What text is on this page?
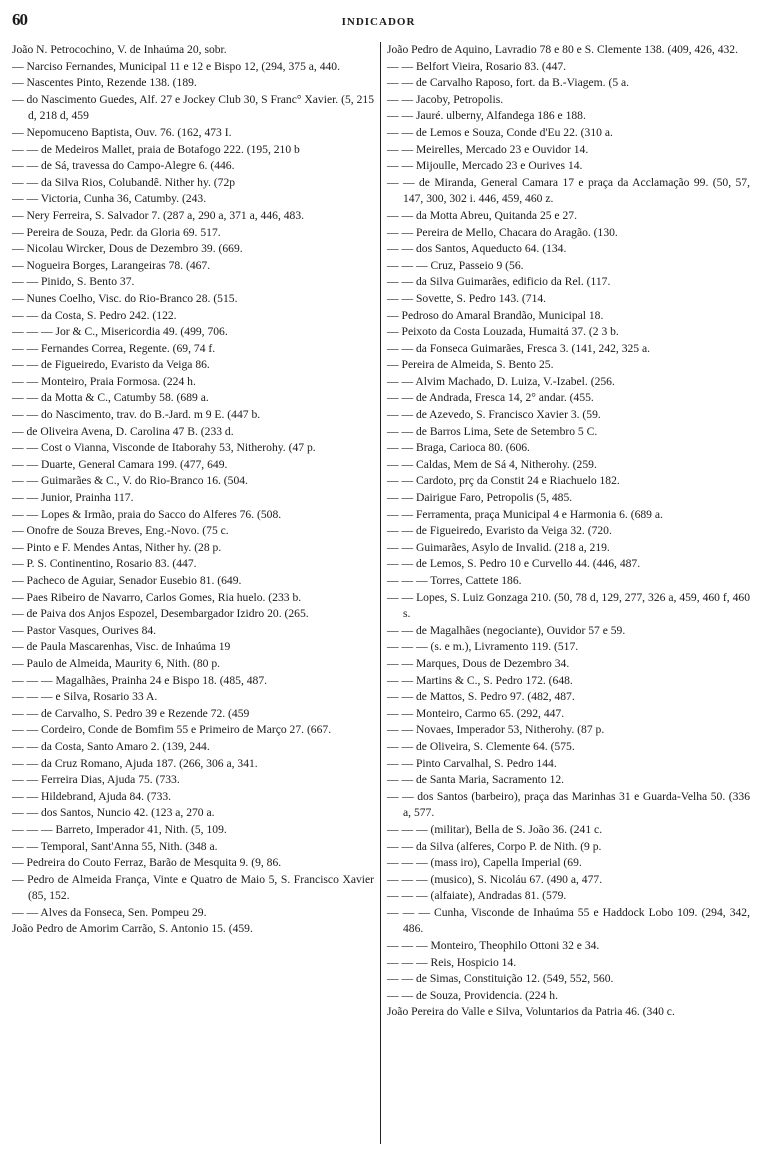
60	INDICADOR

João N. Petrocochino, V. de Inhaúma 20, sobr.

— Narciso Fernandes, Municipal 11 e 12 e Bispo 12, (294, 375 a, 440.

— Nascentes Pinto, Rezende 138. (189.

— do Nascimento Guedes, Alf. 27 e Jockey Club 30, S Franc° Xavier. (5, 215 d, 218 d, 459

— Nepomuceno Baptista, Ouv. 76. (162, 473 I.

— — de Medeiros Mallet, praia de Botafogo 222. (195, 210 b

— — de Sá, travessa do Campo-Alegre 6. (446.

— — da Silva Rios, Colubandê. Nither hy. (72p

— — Victoria, Cunha 36, Catumby. (243.

— Nery Ferreira, S. Salvador 7. (287 a, 290 a, 371 a, 446, 483.

— Pereira de Souza, Pedr. da Gloria 69. 517.

— Nicolau Wircker, Dous de Dezembro 39. (669.

— Nogueira Borges, Larangeiras 78. (467.

— — Pinido, S. Bento 37.

— Nunes Coelho, Visc. do Rio-Branco 28. (515.

— — da Costa, S. Pedro 242. (122.

— — — Jor & C., Misericordia 49. (499, 706.

— — Fernandes Correa, Regente. (69, 74 f.

— — de Figueiredo, Evaristo da Veiga 86.

— — Monteiro, Praia Formosa. (224 h.

— — da Motta & C., Catumby 58. (689 a.

— — do Nascimento, trav. do B.-Jard. m 9 E. (447 b.

— de Oliveira Avena, D. Carolina 47 B. (233 d.

— — Cost o Vianna, Visconde de Itaborahy 53, Nitherohy. (47 p.

— — Duarte, General Camara 199. (477, 649.

— — Guimarães & C., V. do Rio-Branco 16. (504.

— — Junior, Prainha 117.

— — Lopes & Irmão, praia do Sacco do Alferes 76. (508.

— Onofre de Souza Breves, Eng.-Novo. (75 c.

— Pinto e F. Mendes Antas, Nither hy. (28 p.

— P. S. Continentino, Rosario 83. (447.

— Pacheco de Aguiar, Senador Eusebio 81. (649.

— Paes Ribeiro de Navarro, Carlos Gomes, Ria huelo. (233 b.

— de Paiva dos Anjos Espozel, Desembargador Izidro 20. (265.

— Pastor Vasques, Ourives 84.

— de Paula Mascarenhas, Visc. de Inhaúma 19

— Paulo de Almeida, Maurity 6, Nith. (80 p.

— — — Magalhães, Prainha 24 e Bispo 18. (485, 487.

— — — e Silva, Rosario 33 A.

— — de Carvalho, S. Pedro 39 e Rezende 72. (459

— — Cordeiro, Conde de Bomfim 55 e Primeiro de Março 27. (667.

— — da Costa, Santo Amaro 2. (139, 244.

— — da Cruz Romano, Ajuda 187. (266, 306 a, 341.

— — Ferreira Dias, Ajuda 75. (733.

— — Hildebrand, Ajuda 84. (733.

— — dos Santos, Nuncio 42. (123 a, 270 a.

— — — Barreto, Imperador 41, Nith. (5, 109.

— — Temporal, Sant'Anna 55, Nith. (348 a.

— Pedreira do Couto Ferraz, Barão de Mesquita 9. (9, 86.

— Pedro de Almeida França, Vinte e Quatro de Maio 5, S. Francisco Xavier (85, 152.

— — Alves da Fonseca, Sen. Pompeu 29.

João Pedro de Amorim Carrão, S. Antonio 15. (459.

João Pedro de Aquino, Lavradio 78 e 80 e S. Clemente 138. (409, 426, 432.

— — Belfort Vieira, Rosario 83. (447.

— — de Carvalho Raposo, fort. da B.-Viagem. (5 a.

— — Jacoby, Petropolis.

— — Jauré. ulberny, Alfandega 186 e 188.

— — de Lemos e Souza, Conde d'Eu 22. (310 a.

— — Meirelles, Mercado 23 e Ouvidor 14.

— — Mijoulle, Mercado 23 e Ourives 14.

— — de Miranda, General Camara 17 e praça da Acclamação 99. (50, 57, 147, 300, 302 i. 446, 459, 460 z.

— — da Motta Abreu, Quitanda 25 e 27.

— — Pereira de Mello, Chacara do Aragão. (130.

— — dos Santos, Aqueducto 64. (134.

— — — Cruz, Passeio 9 (56.

— — da Silva Guimarães, edificio da Rel. (117.

— — Sovette, S. Pedro 143. (714.

— Pedroso do Amaral Brandão, Municipal 18.

— Peixoto da Costa Louzada, Humaitá 37. (2 3 b.

— — da Fonseca Guimarães, Fresca 3. (141, 242, 325 a.

— Pereira de Almeida, S. Bento 25.

— — Alvim Machado, D. Luiza, V.-Izabel. (256.

— — de Andrada, Fresca 14, 2° andar. (455.

— — de Azevedo, S. Francisco Xavier 3. (59.

— — de Barros Lima, Sete de Setembro 5 C.

— — Braga, Carioca 80. (606.

— — Caldas, Mem de Sá 4, Nitherohy. (259.

— — Cardoto, prç da Constit 24 e Riachuelo 182.

— — Dairigue Faro, Petropolis (5, 485.

— — Ferramenta, praça Municipal 4 e Harmonia 6. (689 a.

— — de Figueiredo, Evaristo da Veiga 32. (720.

— — Guimarães, Asylo de Invalid. (218 a, 219.

— — de Lemos, S. Pedro 10 e Curvello 44. (446, 487.

— — — Torres, Cattete 186.

— — Lopes, S. Luiz Gonzaga 210. (50, 78 d, 129, 277, 326 a, 459, 460 f, 460 s.

— — de Magalhães (negociante), Ouvidor 57 e 59.

— — — (s. e m.), Livramento 119. (517.

— — Marques, Dous de Dezembro 34.

— — Martins & C., S. Pedro 172. (648.

— — de Mattos, S. Pedro 97. (482, 487.

— — Monteiro, Carmo 65. (292, 447.

— — Novaes, Imperador 53, Nitherohy. (87 p.

— — de Oliveira, S. Clemente 64. (575.

— — Pinto Carvalhal, S. Pedro 144.

— — de Santa Maria, Sacramento 12.

— — dos Santos (barbeiro), praça das Marinhas 31 e Guarda-Velha 50. (336 a, 577.

— — — (militar), Bella de S. João 36. (241 c.

— — da Silva (alferes, Corpo P. de Nith. (9 p.

— — — (mass iro), Capella Imperial (69.

— — — (musico), S. Nicoláu 67. (490 a, 477.

— — — (alfaiate), Andradas 81. (579.

— — — Cunha, Visconde de Inhaúma 55 e Haddock Lobo 109. (294, 342, 486.

— — — Monteiro, Theophilo Ottoni 32 e 34.

— — — Reis, Hospicio 14.

— — de Simas, Constituição 12. (549, 552, 560.

— — de Souza, Providencia. (224 h.

João Pereira do Valle e Silva, Voluntarios da Patria 46. (340 c.
